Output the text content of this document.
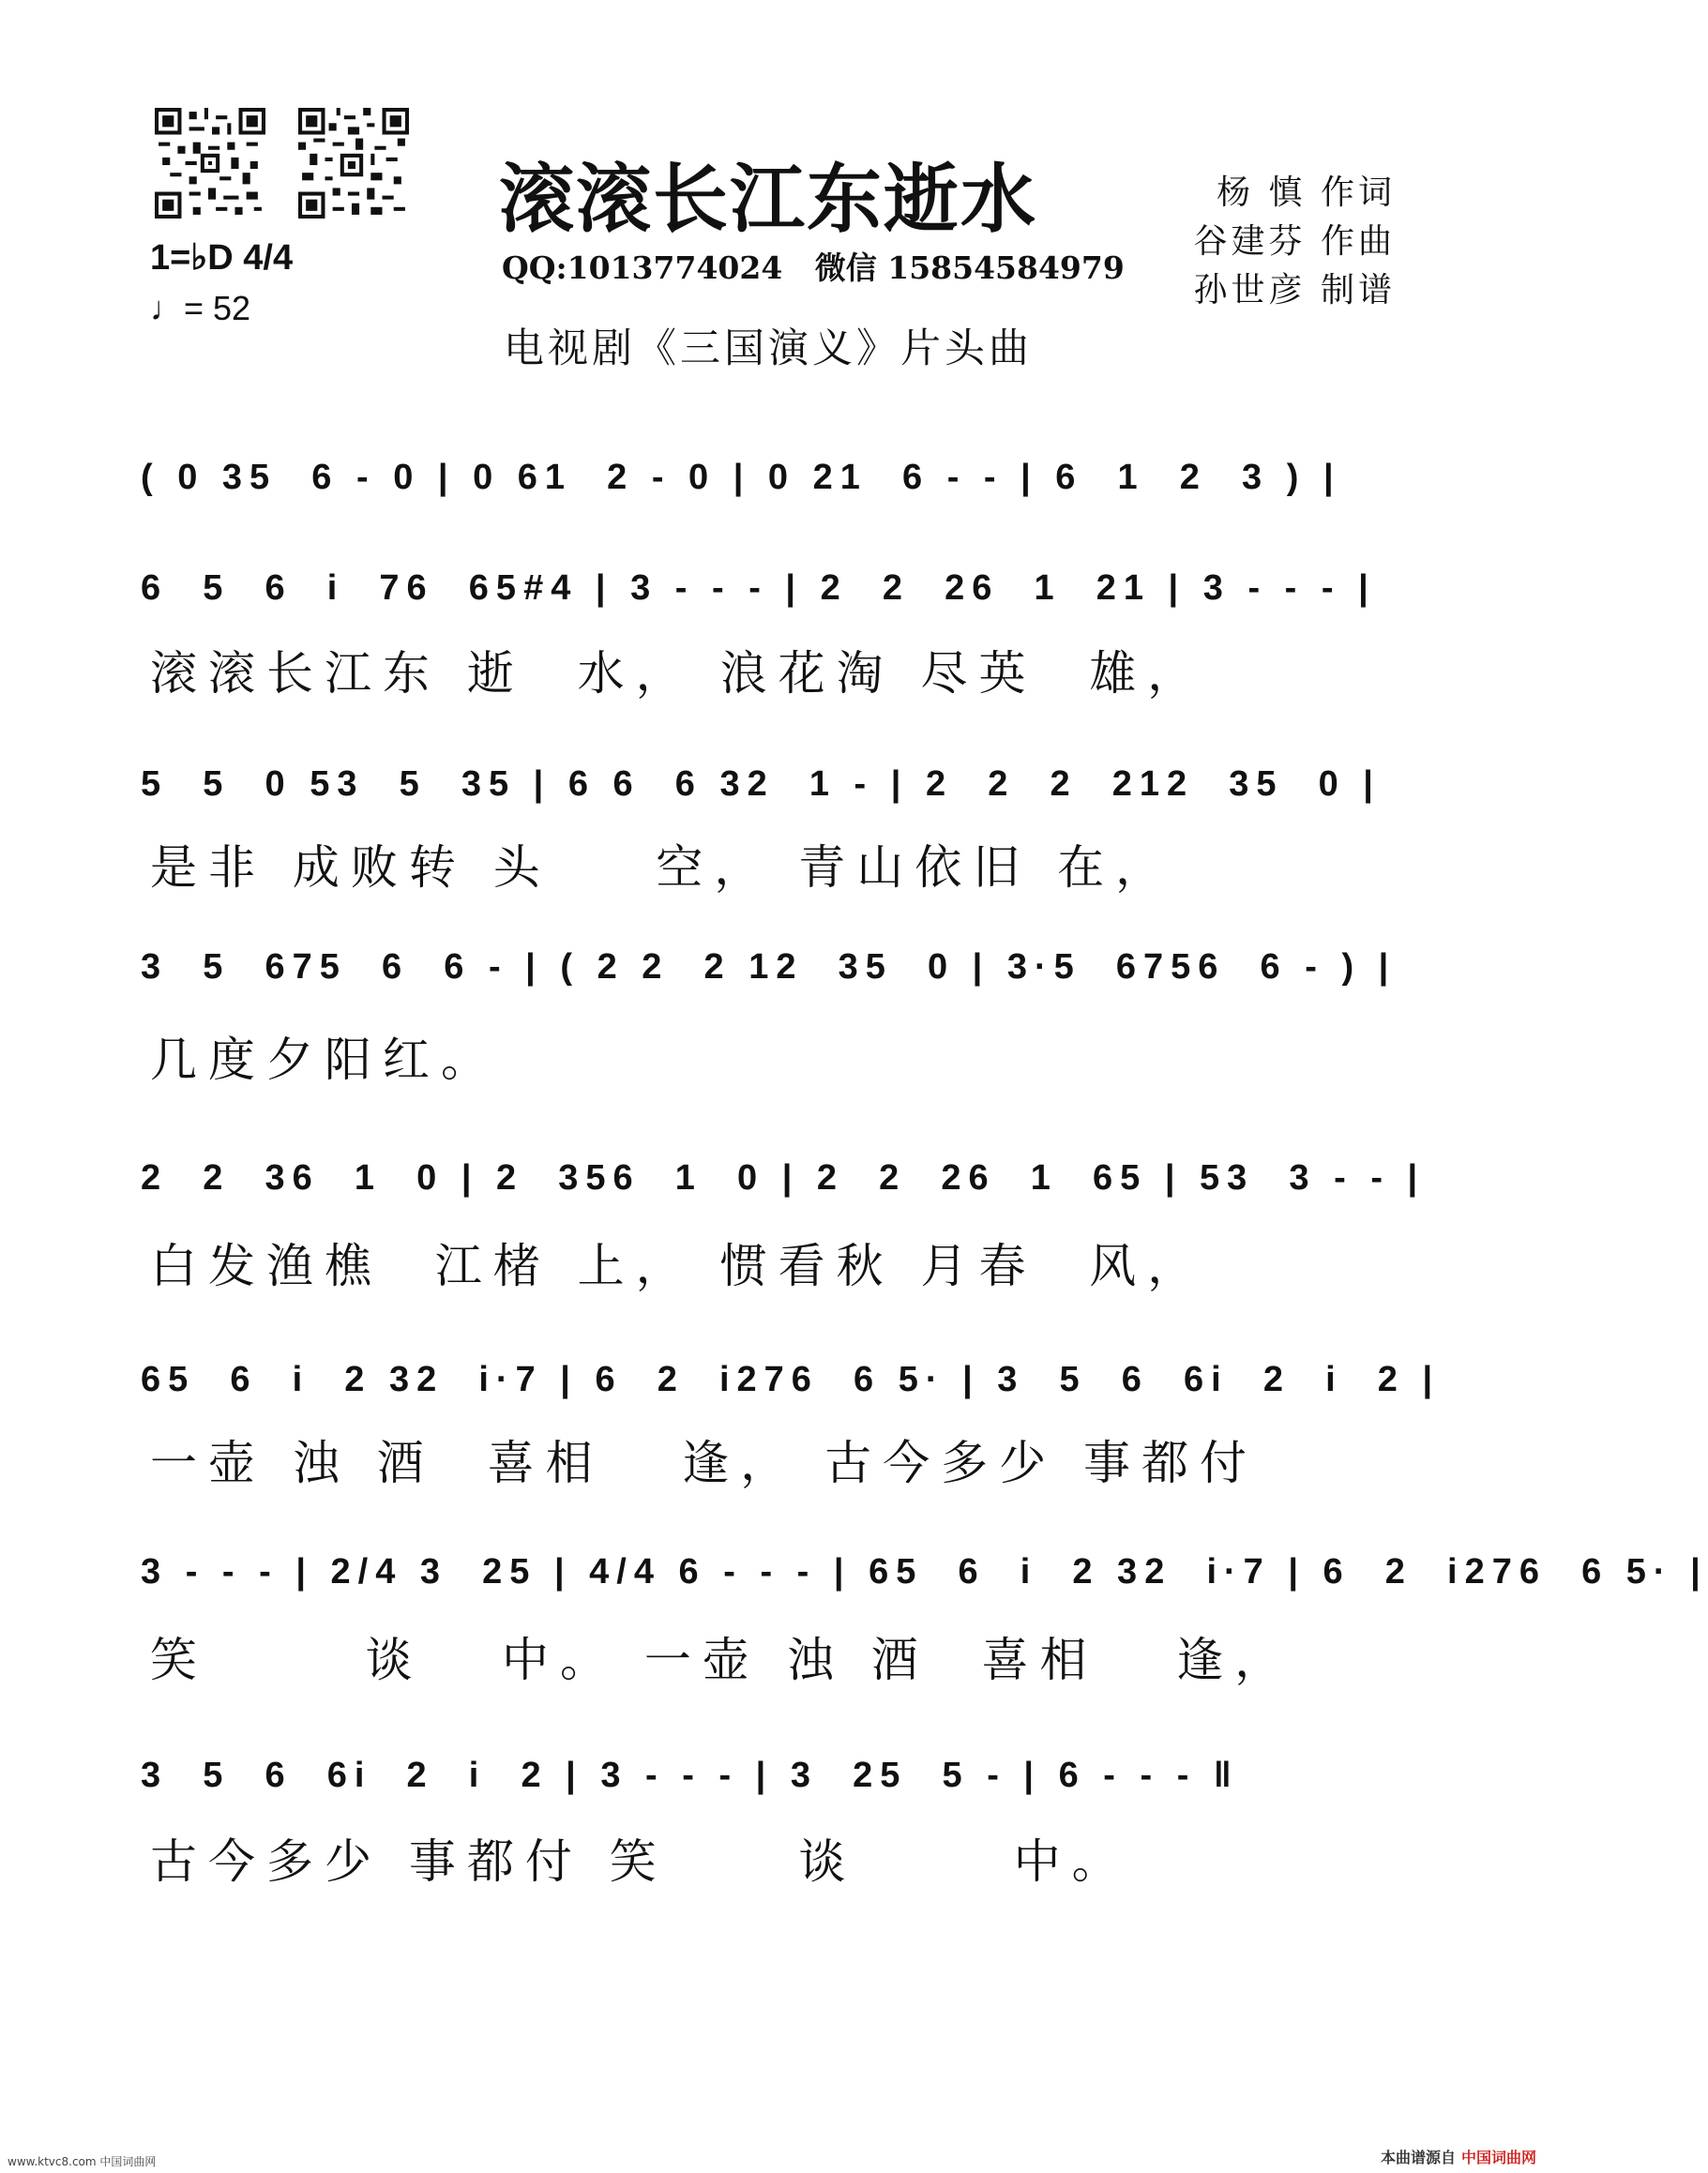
滚滚长江东逝水
QQ:1013774024   微信 15854584979
杨 慎 作词
谷建芬 作曲
孙世彦 制谱
1=♭D 4/4
♩= 52
电视剧《三国演义》片头曲
( 0 35  6 - 0 | 0 61  2 - 0 | 0 21  6 - - | 6  1  2  3 ) |
6  5  6  i  76  65#4 | 3 - - - | 2  2  26  1  21 | 3 - - - |
滚滚长江东 逝  水， 浪花淘 尽英  雄，
5  5  0 53  5  35 | 6 6  6 32  1 - | 2  2  2  212  35  0 |
是非 成败转 头    空， 青山依旧 在，
3  5  675  6  6 - | ( 2 2  2 12  35  0 | 3·5  6756  6 - ) |
几度夕阳红。
2  2  36  1  0 | 2  356  1  0 | 2  2  26  1  65 | 53  3 - - |
白发渔樵  江楮 上， 惯看秋 月春  风，
65  6  i  2 32  i·7 | 6  2  i276  6 5· | 3  5  6  6i  2  i  2 |
一壶 浊 酒  喜相   逢， 古今多少 事都付
3 - - - | 2/4 3  25 | 4/4 6 - - - | 65  6  i  2 32  i·7 | 6  2  i276  6 5· |
笑      谈   中。 一壶 浊 酒  喜相   逢，
3  5  6  6i  2  i  2 | 3 - - - | 3  25  5 - | 6 - - - ‖
古今多少 事都付 笑     谈      中。
www.ktvc8.com 中国词曲网	本曲谱源自 中国词曲网
